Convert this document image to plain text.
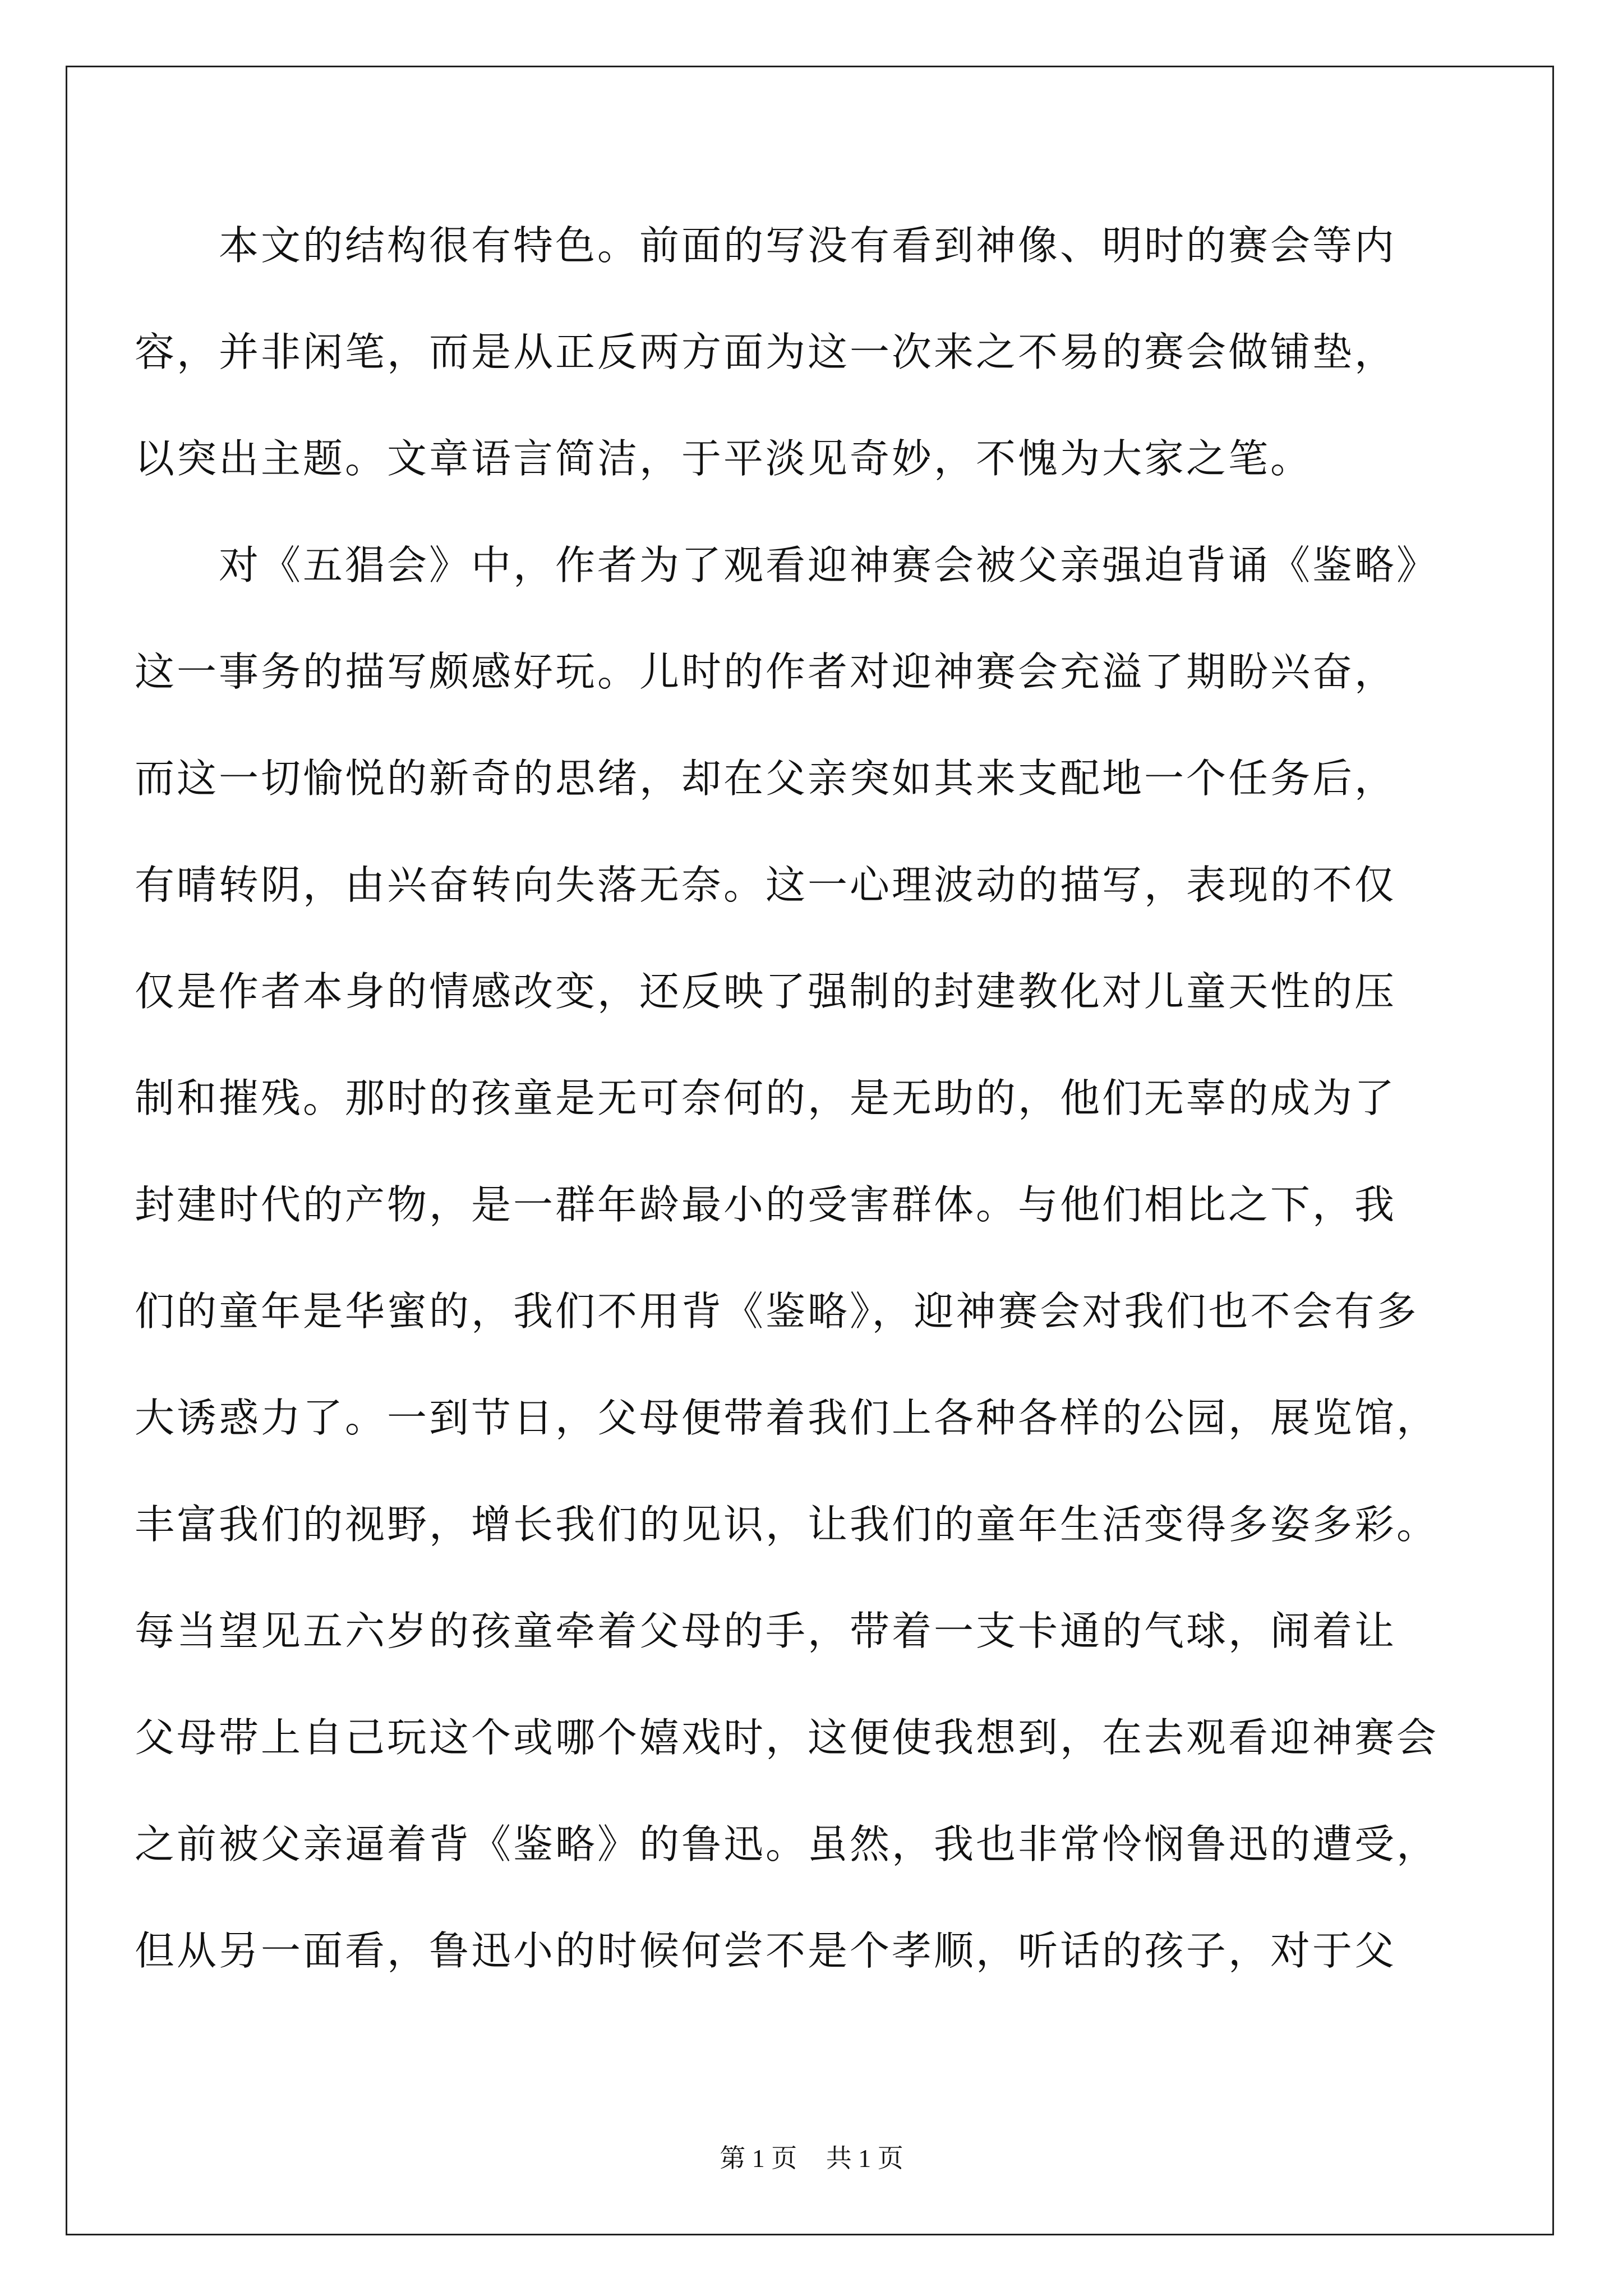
　　本文的结构很有特色。前面的写没有看到神像、明时的赛会等内
容，并非闲笔，而是从正反两方面为这一次来之不易的赛会做铺垫，
以突出主题。文章语言简洁，于平淡见奇妙，不愧为大家之笔。
　　对《五猖会》中，作者为了观看迎神赛会被父亲强迫背诵《鉴略》
这一事务的描写颇感好玩。儿时的作者对迎神赛会充溢了期盼兴奋，
而这一切愉悦的新奇的思绪，却在父亲突如其来支配地一个任务后，
有晴转阴，由兴奋转向失落无奈。这一心理波动的描写，表现的不仅
仅是作者本身的情感改变，还反映了强制的封建教化对儿童天性的压
制和摧残。那时的孩童是无可奈何的，是无助的，他们无辜的成为了
封建时代的产物，是一群年龄最小的受害群体。与他们相比之下，我
们的童年是华蜜的，我们不用背《鉴略》，迎神赛会对我们也不会有多
大诱惑力了。一到节日，父母便带着我们上各种各样的公园，展览馆，
丰富我们的视野，增长我们的见识，让我们的童年生活变得多姿多彩。
每当望见五六岁的孩童牵着父母的手，带着一支卡通的气球，闹着让
父母带上自己玩这个或哪个嬉戏时，这便使我想到，在去观看迎神赛会
之前被父亲逼着背《鉴略》的鲁迅。虽然，我也非常怜悯鲁迅的遭受，
但从另一面看，鲁迅小的时候何尝不是个孝顺，听话的孩子，对于父
第 1 页 共 1 页
